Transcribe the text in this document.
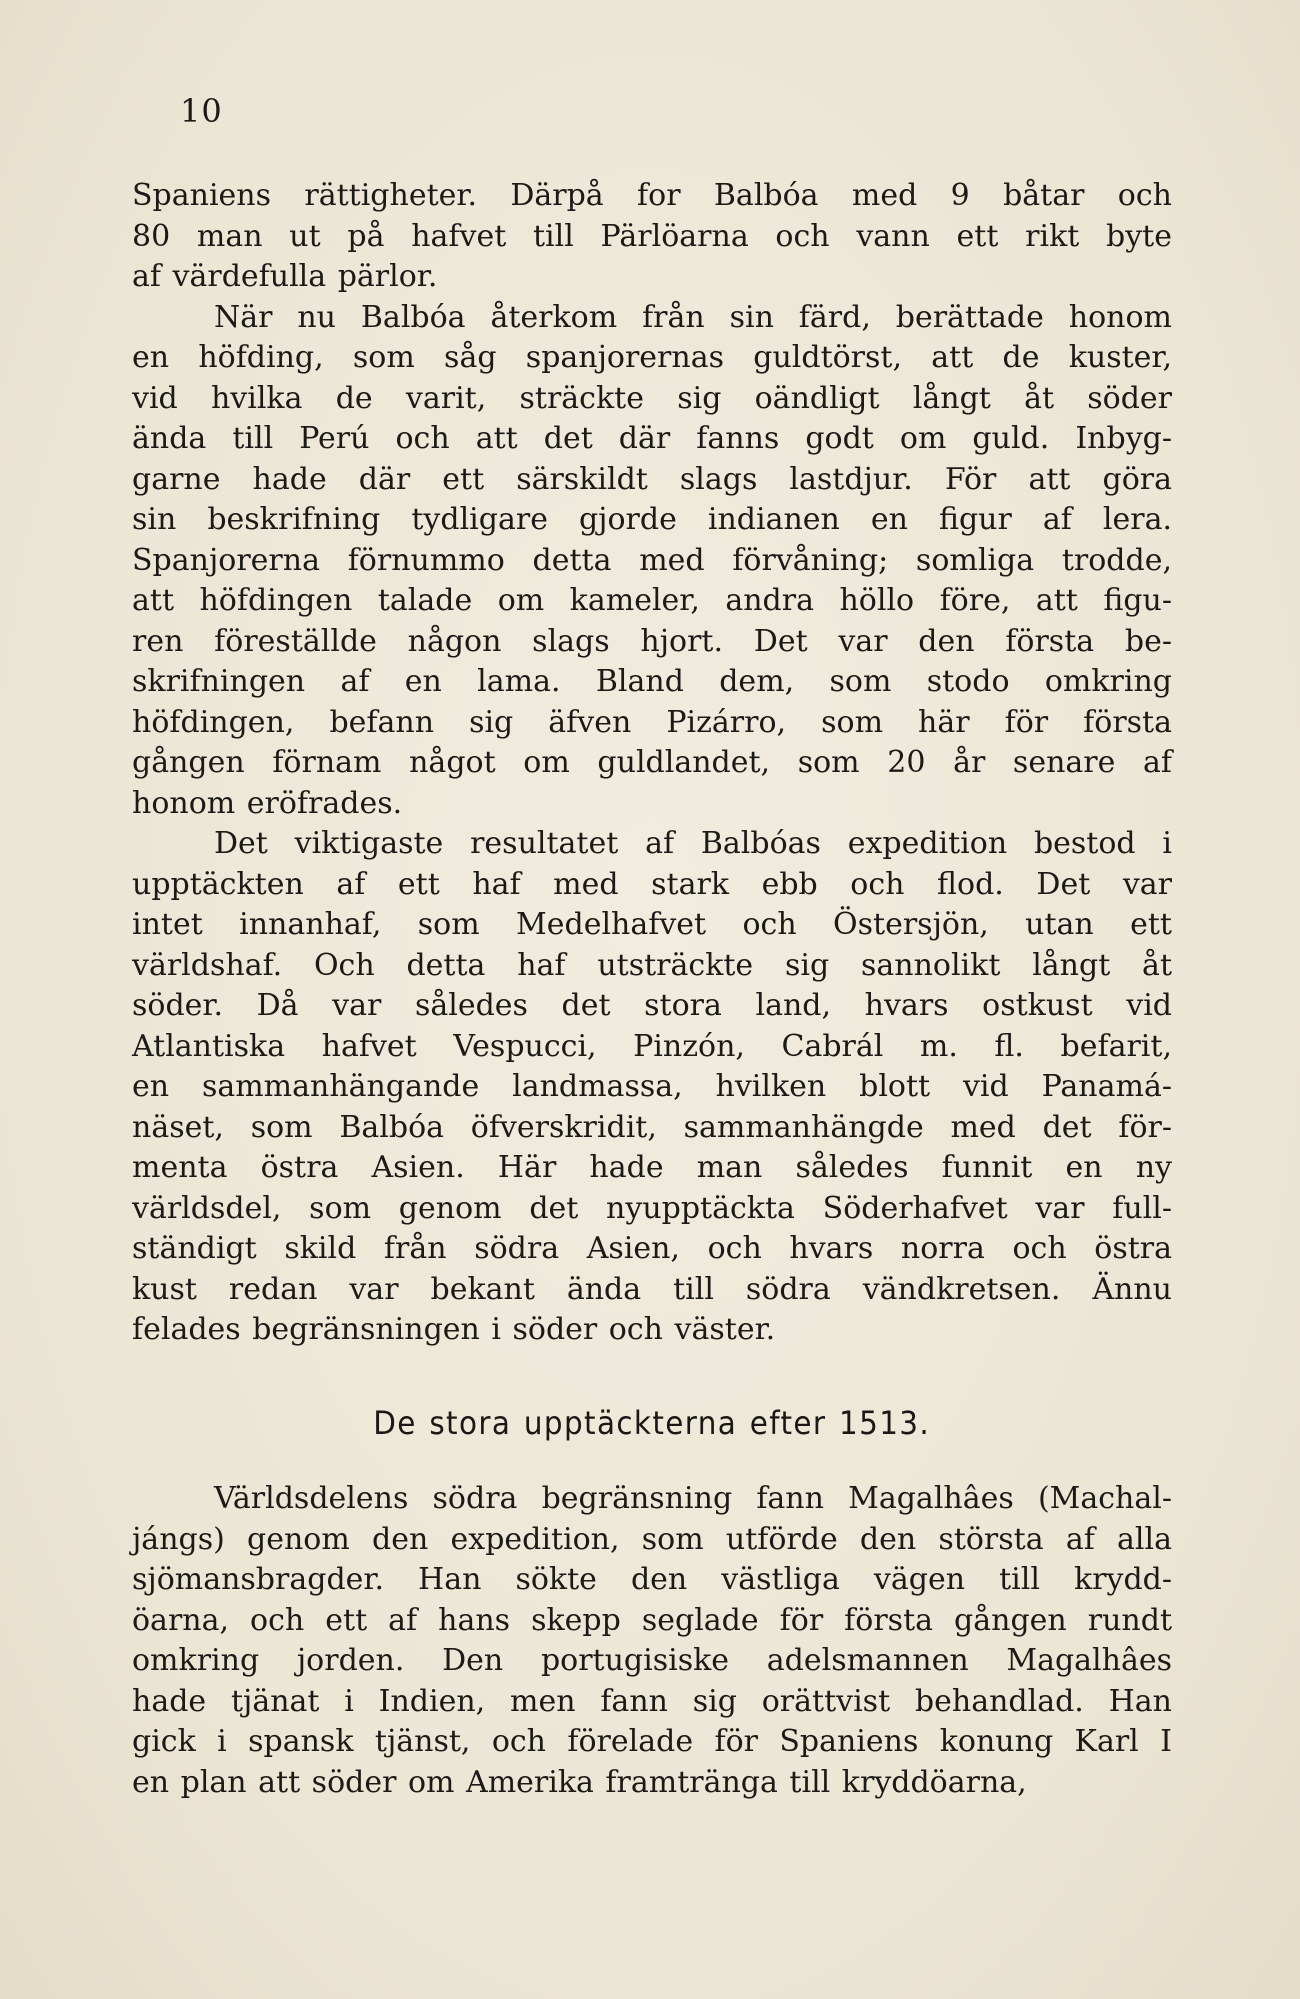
10
Spaniens rättigheter. Därpå for Balbóa med 9 båtar och
80 man ut på hafvet till Pärlöarna och vann ett rikt byte
af värdefulla pärlor.
När nu Balbóa återkom från sin färd, berättade honom
en höfding, som såg spanjorernas guldtörst, att de kuster,
vid hvilka de varit, sträckte sig oändligt långt åt söder
ända till Perú och att det där fanns godt om guld. Inbyg-
garne hade där ett särskildt slags lastdjur. För att göra
sin beskrifning tydligare gjorde indianen en figur af lera.
Spanjorerna förnummo detta med förvåning; somliga trodde,
att höfdingen talade om kameler, andra höllo före, att figu-
ren föreställde någon slags hjort. Det var den första be-
skrifningen af en lama. Bland dem, som stodo omkring
höfdingen, befann sig äfven Pizárro, som här för första
gången förnam något om guldlandet, som 20 år senare af
honom eröfrades.
Det viktigaste resultatet af Balbóas expedition bestod i
upptäckten af ett haf med stark ebb och flod. Det var
intet innanhaf, som Medelhafvet och Östersjön, utan ett
världshaf. Och detta haf utsträckte sig sannolikt långt åt
söder. Då var således det stora land, hvars ostkust vid
Atlantiska hafvet Vespucci, Pinzón, Cabrál m. fl. befarit,
en sammanhängande landmassa, hvilken blott vid Panamá-
näset, som Balbóa öfverskridit, sammanhängde med det för-
menta östra Asien. Här hade man således funnit en ny
världsdel, som genom det nyupptäckta Söderhafvet var full-
ständigt skild från södra Asien, och hvars norra och östra
kust redan var bekant ända till södra vändkretsen. Ännu
felades begränsningen i söder och väster.
De stora upptäckterna efter 1513.
Världsdelens södra begränsning fann Magalhâes (Machal-
jángs) genom den expedition, som utförde den största af alla
sjömansbragder. Han sökte den västliga vägen till krydd-
öarna, och ett af hans skepp seglade för första gången rundt
omkring jorden. Den portugisiske adelsmannen Magalhâes
hade tjänat i Indien, men fann sig orättvist behandlad. Han
gick i spansk tjänst, och förelade för Spaniens konung Karl I
en plan att söder om Amerika framtränga till kryddöarna,
